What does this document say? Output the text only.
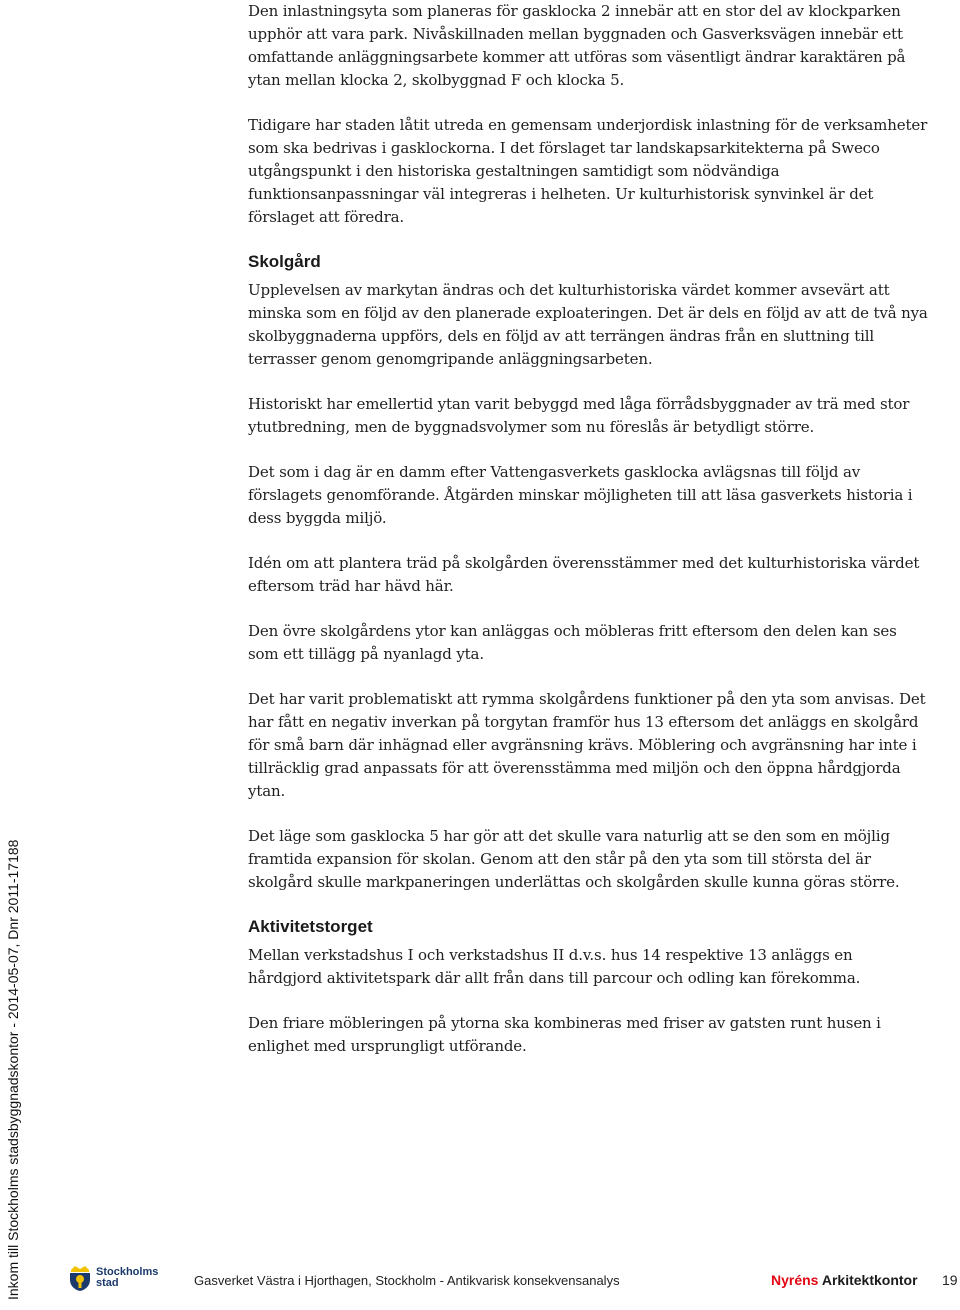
Den inlastningsyta som planeras för gasklocka 2 innebär att en stor del av klockparken upphör att vara park. Nivåskillnaden mellan byggnaden och Gasverksvägen innebär ett omfattande anläggningsarbete kommer att utföras som väsentligt ändrar karaktären på ytan mellan klocka 2, skolbyggnad F och klocka 5.

Tidigare har staden låtit utreda en gemensam underjordisk inlastning för de verksamheter som ska bedrivas i gasklockorna. I det förslaget tar landskapsarkitekterna på Sweco utgångspunkt i den historiska gestaltningen samtidigt som nödvändiga funktionsanpassningar väl integreras i helheten. Ur kulturhistorisk synvinkel är det förslaget att föredra.

Skolgård

Upplevelsen av markytan ändras och det kulturhistoriska värdet kommer avsevärt att minska som en följd av den planerade exploateringen. Det är dels en följd av att de två nya skolbyggnaderna uppförs, dels en följd av att terrängen ändras från en sluttning till terrasser genom genomgripande anläggningsarbeten.

Historiskt har emellertid ytan varit bebyggd med låga förrådsbyggnader av trä med stor ytutbredning, men de byggnadsvolymer som nu föreslås är betydligt större.

Det som i dag är en damm efter Vattengasverkets gasklocka avlägsnas till följd av förslagets genomförande. Åtgärden minskar möjligheten till att läsa gasverkets historia i dess byggda miljö.

Idén om att plantera träd på skolgården överensstämmer med det kulturhistoriska värdet eftersom träd har hävd här.

Den övre skolgårdens ytor kan anläggas och möbleras fritt eftersom den delen kan ses som ett tillägg på nyanlagd yta.

Det har varit problematiskt att rymma skolgårdens funktioner på den yta som anvisas. Det har fått en negativ inverkan på torgytan framför hus 13 eftersom det anläggs en skolgård för små barn där inhägnad eller avgränsning krävs. Möblering och avgränsning har inte i tillräcklig grad anpassats för att överensstämma med miljön och den öppna hårdgjorda ytan.

Det läge som gasklocka 5 har gör att det skulle vara naturlig att se den som en möjlig framtida expansion för skolan. Genom att den står på den yta som till största del är skolgård skulle markpaneringen underlättas och skolgården skulle kunna göras större.

Aktivitetstorget

Mellan verkstadshus I och verkstadshus II d.v.s. hus 14 respektive 13 anläggs en hårdgjord aktivitetspark där allt från dans till parcour och odling kan förekomma.

Den friare möbleringen på ytorna ska kombineras med friser av gatsten runt husen i enlighet med ursprungligt utförande.

Inkom till Stockholms stadsbyggnadskontor - 2014-05-07, Dnr 2011-17188	Stockholms
stad	Gasverket Västra i Hjorthagen, Stockholm - Antikvarisk konsekvensanalys	Nyréns Arkitektkontor 19
